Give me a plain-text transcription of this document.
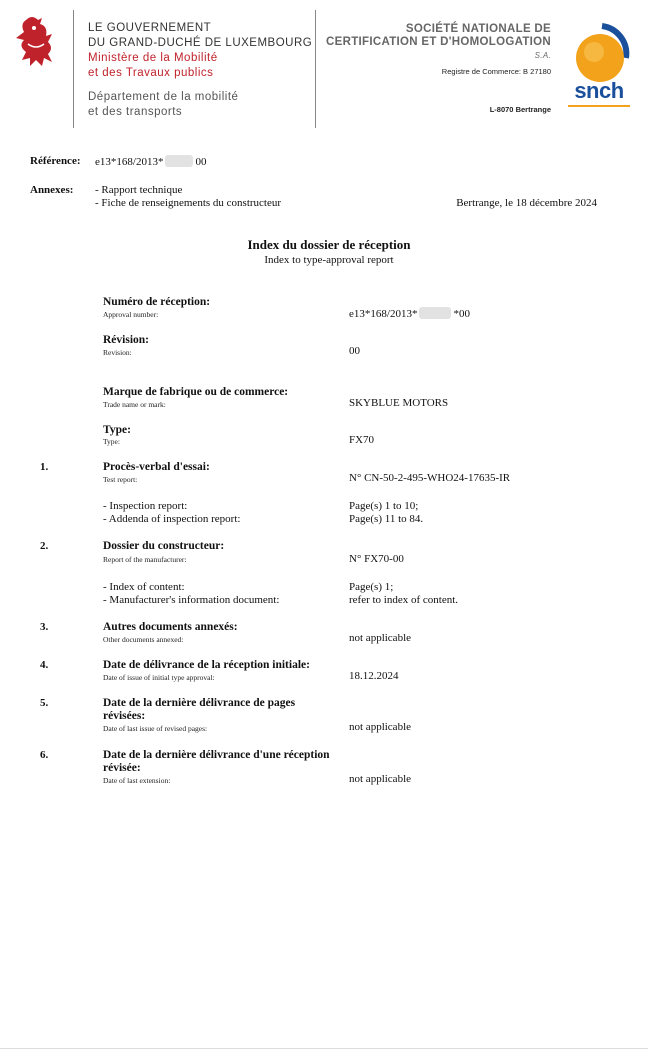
LE GOUVERNEMENT
DU GRAND-DUCHÉ DE LUXEMBOURG
Ministère de la Mobilité
et des Travaux publics
Département de la mobilité
et des transports
SOCIÉTÉ NATIONALE DE
CERTIFICATION ET D'HOMOLOGATION
S.A.
Registre de Commerce: B 27180
L-8070 Bertrange
snch
Référence: e13*168/2013*	00
Annexes: - Rapport technique
- Fiche de renseignements du constructeur	Bertrange, le 18 décembre 2024
Index du dossier de réception
Index to type-approval report
Numéro de réception:
Approval number:	e13*168/2013*	*00
Révision:
Revision:	00
Marque de fabrique ou de commerce:
Trade name or mark:	SKYBLUE MOTORS
Type:
Type:	FX70
1.	Procès-verbal d'essai:
Test report:	N° CN-50-2-495-WHO24-17635-IR
- Inspection report:	Page(s) 1 to 10;
- Addenda of inspection report:	Page(s) 11 to 84.
2.	Dossier du constructeur:
Report of the manufacturer:	N° FX70-00
- Index of content:	Page(s) 1;
- Manufacturer's information document:	refer to index of content.
3.	Autres documents annexés:
Other documents annexed:	not applicable
4.	Date de délivrance de la réception initiale:
Date of issue of initial type approval:	18.12.2024
5.	Date de la dernière délivrance de pages
révisées:
Date of last issue of revised pages:	not applicable
6.	Date de la dernière délivrance d'une réception
révisée:
Date of last extension:	not applicable
